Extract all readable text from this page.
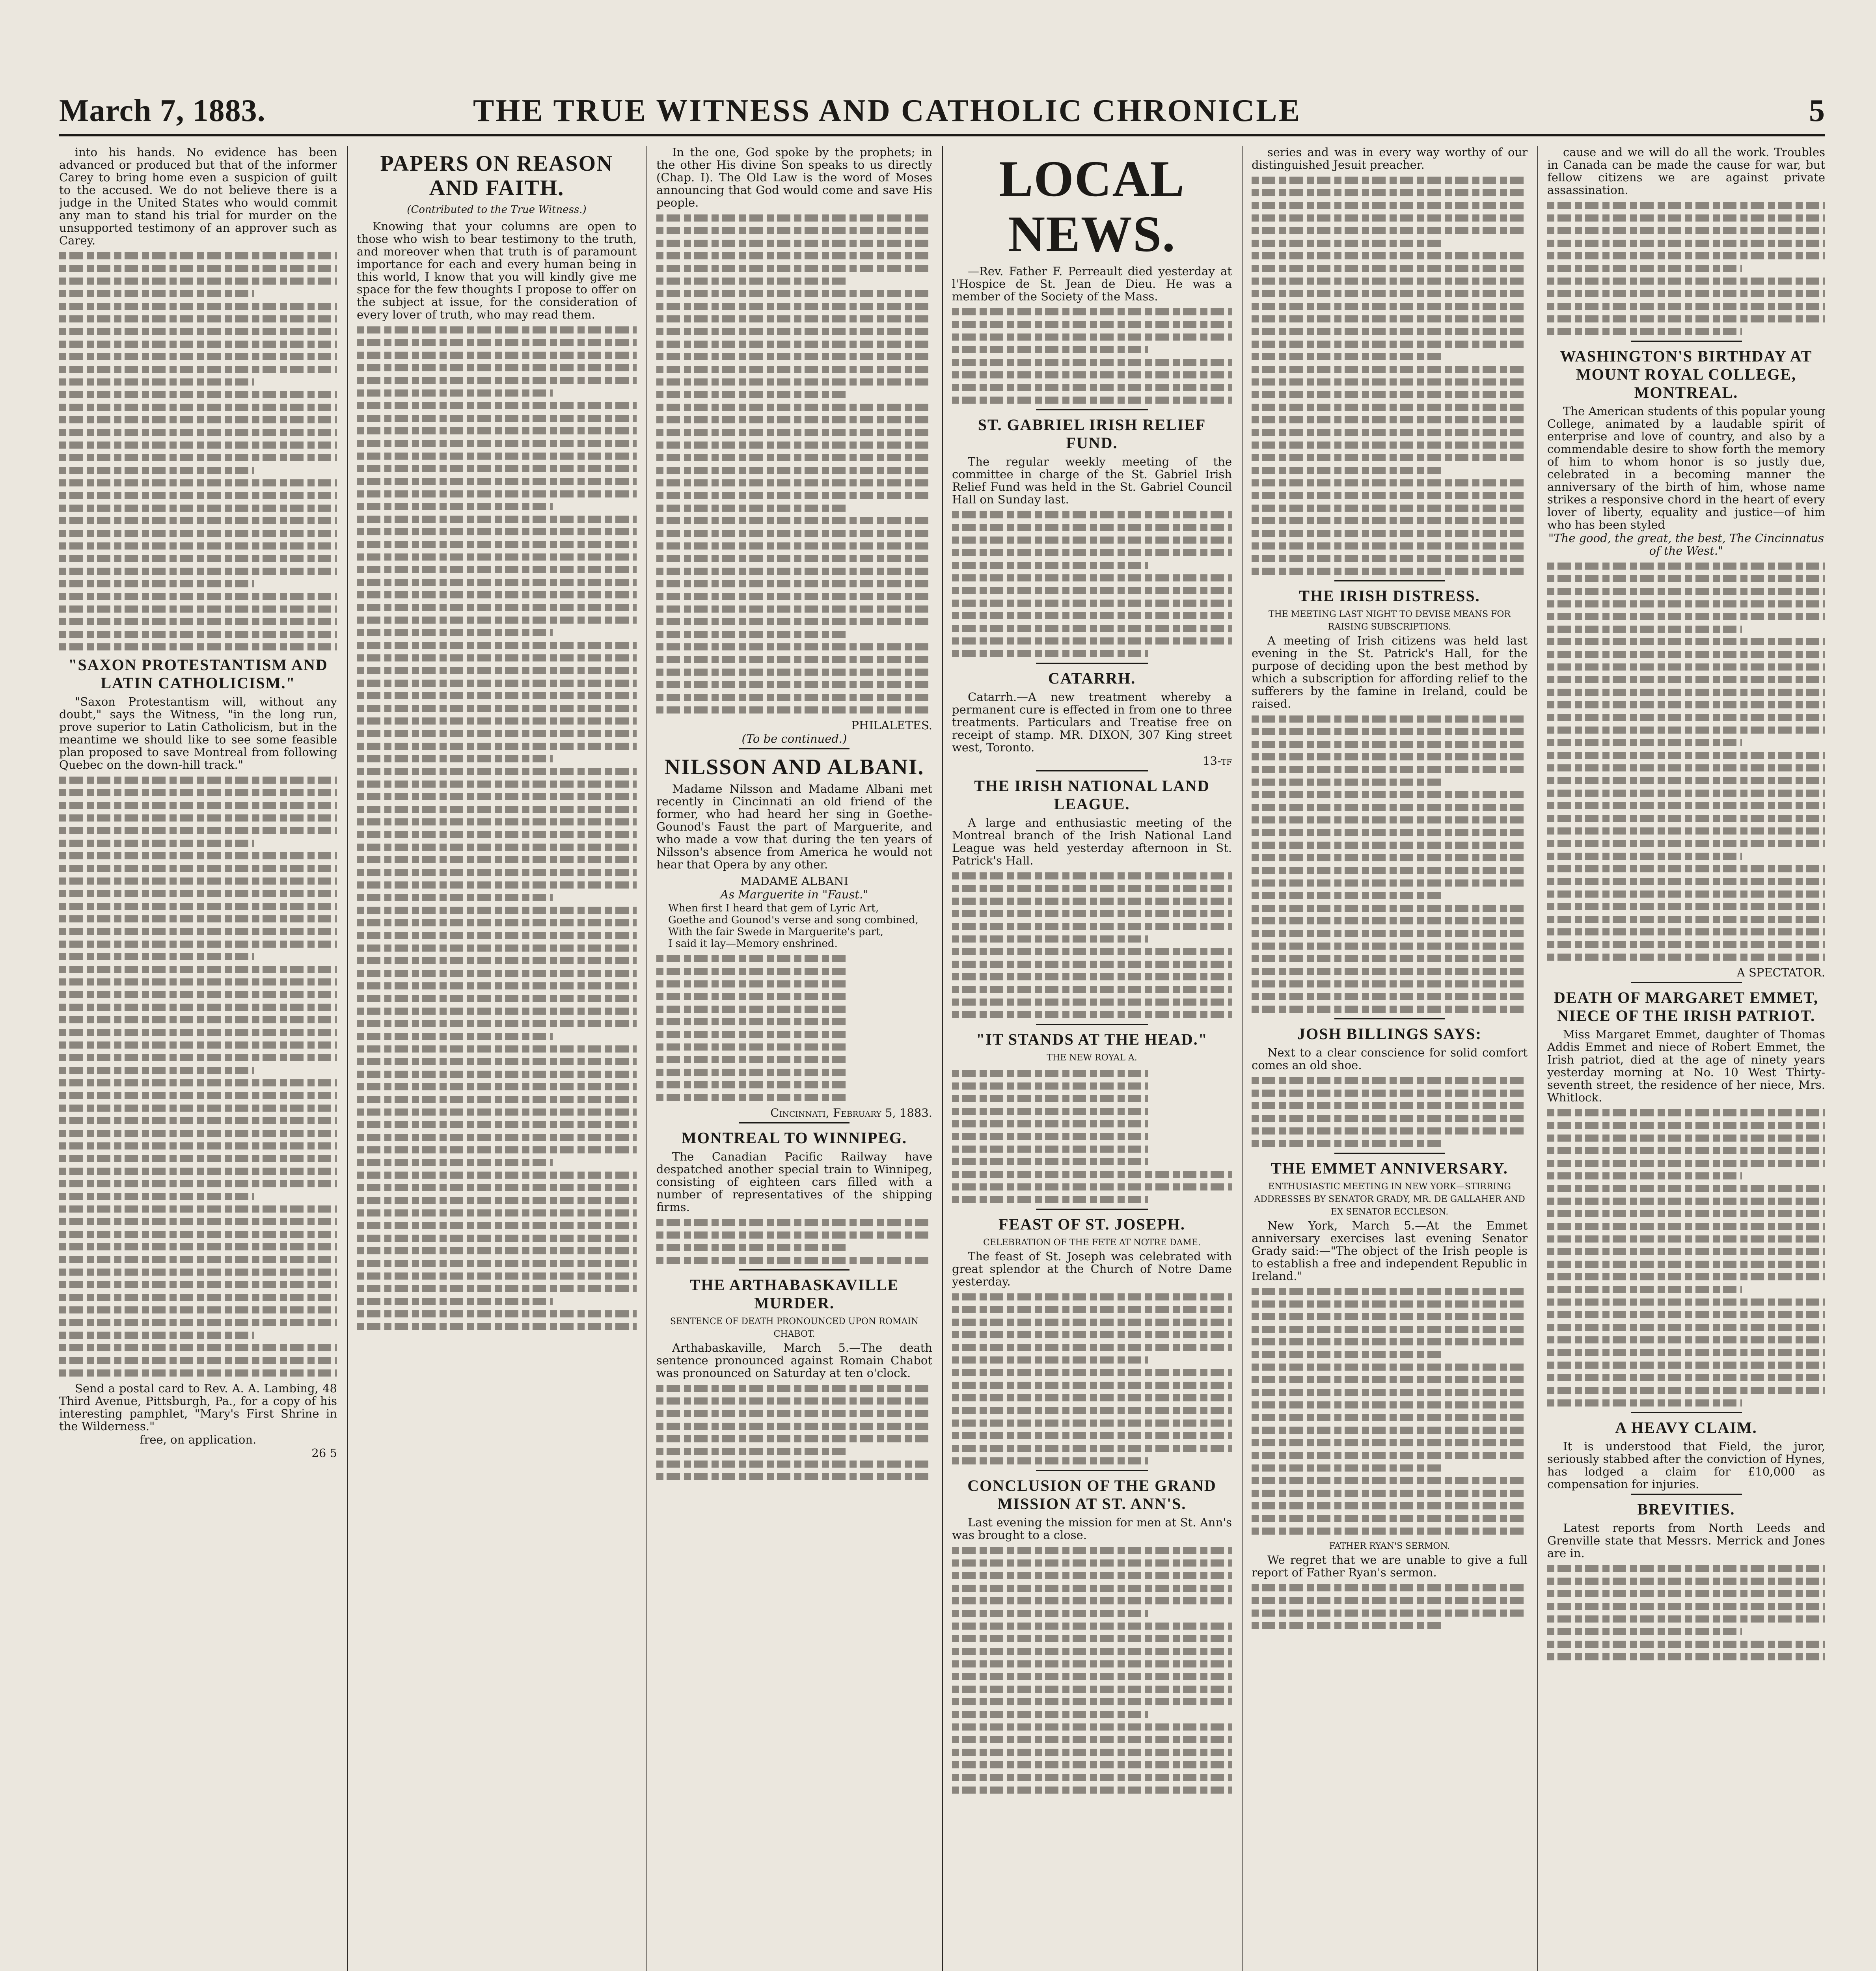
March 7, 1883.	THE TRUE WITNESS AND CATHOLIC CHRONICLE	5

into his hands. No evidence has been advanced or produced but that of the informer Carey to bring home even a suspicion of guilt to the accused. We do not believe there is a judge in the United States who would commit any man to stand his trial for murder on the unsupported testimony of an approver such as Carey.

"SAXON PROTESTANTISM AND LATIN CATHOLICISM."

"Saxon Protestantism will, without any doubt," says the Witness, "in the long run, prove superior to Latin Catholicism, but in the meantime we should like to see some feasible plan proposed to save Montreal from following Quebec on the down-hill track."

Send a postal card to Rev. A. A. Lambing, 48 Third Avenue, Pittsburgh, Pa., for a copy of his interesting pamphlet, "Mary's First Shrine in the Wilderness."

free, on application.

26 5

PAPERS ON REASON AND FAITH.
(Contributed to the True Witness.)

Knowing that your columns are open to those who wish to bear testimony to the truth, and moreover when that truth is of paramount importance for each and every human being in this world, I know that you will kindly give me space for the few thoughts I propose to offer on the subject at issue, for the consideration of every lover of truth, who may read them.

In the one, God spoke by the prophets; in the other His divine Son speaks to us directly (Chap. I). The Old Law is the word of Moses announcing that God would come and save His people.

PHILALETES.

(To be continued.)

NILSSON AND ALBANI.

Madame Nilsson and Madame Albani met recently in Cincinnati an old friend of the former, who had heard her sing in Goethe-Gounod's Faust the part of Marguerite, and who made a vow that during the ten years of Nilsson's absence from America he would not hear that Opera by any other.

MADAME ALBANI

As Marguerite in "Faust."

When first I heard that gem of Lyric Art,
Goethe and Gounod's verse and song combined,
With the fair Swede in Marguerite's part,
I said it lay—Memory enshrined.

Cincinnati, February 5, 1883.

MONTREAL TO WINNIPEG.

The Canadian Pacific Railway have despatched another special train to Winnipeg, consisting of eighteen cars filled with a number of representatives of the shipping firms.

THE ARTHABASKAVILLE MURDER.

SENTENCE OF DEATH PRONOUNCED UPON ROMAIN CHABOT.

Arthabaskaville, March 5.—The death sentence pronounced against Romain Chabot was pronounced on Saturday at ten o'clock.

LOCAL NEWS.

—Rev. Father F. Perreault died yesterday at l'Hospice de St. Jean de Dieu. He was a member of the Society of the Mass.

ST. GABRIEL IRISH RELIEF FUND.

The regular weekly meeting of the committee in charge of the St. Gabriel Irish Relief Fund was held in the St. Gabriel Council Hall on Sunday last.

CATARRH.

Catarrh.—A new treatment whereby a permanent cure is effected in from one to three treatments. Particulars and Treatise free on receipt of stamp. MR. DIXON, 307 King street west, Toronto.

13-tf

THE IRISH NATIONAL LAND LEAGUE.

A large and enthusiastic meeting of the Montreal branch of the Irish National Land League was held yesterday afternoon in St. Patrick's Hall.

"IT STANDS AT THE HEAD."

THE NEW ROYAL A.

FEAST OF ST. JOSEPH.

CELEBRATION OF THE FETE AT NOTRE DAME.

The feast of St. Joseph was celebrated with great splendor at the Church of Notre Dame yesterday.

CONCLUSION OF THE GRAND MISSION AT ST. ANN'S.

Last evening the mission for men at St. Ann's was brought to a close.

series and was in every way worthy of our distinguished Jesuit preacher.

THE IRISH DISTRESS.

THE MEETING LAST NIGHT TO DEVISE MEANS FOR RAISING SUBSCRIPTIONS.

A meeting of Irish citizens was held last evening in the St. Patrick's Hall, for the purpose of deciding upon the best method by which a subscription for affording relief to the sufferers by the famine in Ireland, could be raised.

JOSH BILLINGS SAYS:

Next to a clear conscience for solid comfort comes an old shoe.

THE EMMET ANNIVERSARY.

ENTHUSIASTIC MEETING IN NEW YORK—STIRRING ADDRESSES BY SENATOR GRADY, MR. DE GALLAHER AND EX SENATOR ECCLESON.

New York, March 5.—At the Emmet anniversary exercises last evening Senator Grady said:—"The object of the Irish people is to establish a free and independent Republic in Ireland."

FATHER RYAN'S SERMON.

We regret that we are unable to give a full report of Father Ryan's sermon.

cause and we will do all the work. Troubles in Canada can be made the cause for war, but fellow citizens we are against private assassination.

WASHINGTON'S BIRTHDAY AT MOUNT ROYAL COLLEGE, MONTREAL.

The American students of this popular young College, animated by a laudable spirit of enterprise and love of country, and also by a commendable desire to show forth the memory of him to whom honor is so justly due, celebrated in a becoming manner the anniversary of the birth of him, whose name strikes a responsive chord in the heart of every lover of liberty, equality and justice—of him who has been styled

"The good, the great, the best, The Cincinnatus of the West."

A SPECTATOR.

DEATH OF MARGARET EMMET, NIECE OF THE IRISH PATRIOT.

Miss Margaret Emmet, daughter of Thomas Addis Emmet and niece of Robert Emmet, the Irish patriot, died at the age of ninety years yesterday morning at No. 10 West Thirty-seventh street, the residence of her niece, Mrs. Whitlock.

A HEAVY CLAIM.

It is understood that Field, the juror, seriously stabbed after the conviction of Hynes, has lodged a claim for £10,000 as compensation for injuries.

BREVITIES.

Latest reports from North Leeds and Grenville state that Messrs. Merrick and Jones are in.
